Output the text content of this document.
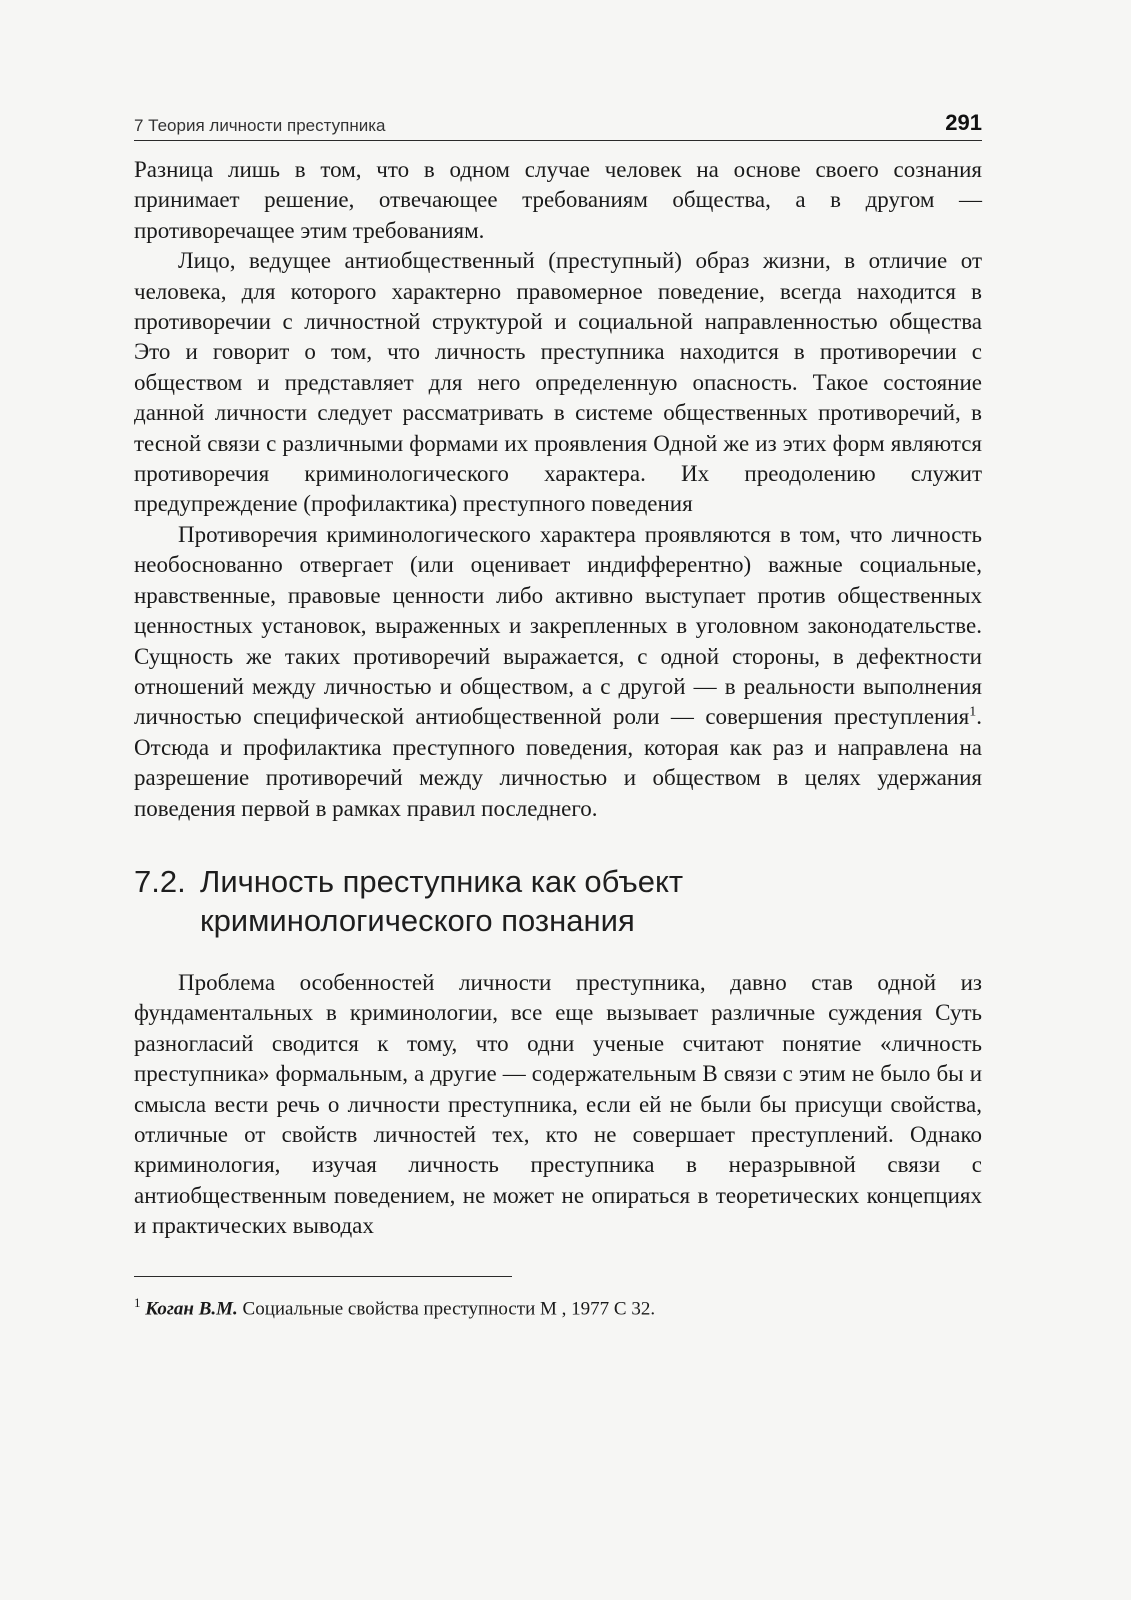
7 Теория личности преступника	291

Разница лишь в том, что в одном случае человек на основе своего сознания принимает решение, отвечающее требованиям общества, а в другом — противоречащее этим требованиям.

Лицо, ведущее антиобщественный (преступный) образ жизни, в отличие от человека, для которого характерно правомерное поведение, всегда находится в противоречии с личностной структурой и социальной направленностью общества Это и говорит о том, что личность преступника находится в противоречии с обществом и представляет для него определенную опасность. Такое состояние данной личности следует рассматривать в системе общественных противоречий, в тесной связи с различными формами их проявления Одной же из этих форм являются противоречия криминологического характера. Их преодолению служит предупреждение (профилактика) преступного поведения

Противоречия криминологического характера проявляются в том, что личность необоснованно отвергает (или оценивает индифферентно) важные социальные, нравственные, правовые ценности либо активно выступает против общественных ценностных установок, выраженных и закрепленных в уголовном законодательстве. Сущность же таких противоречий выражается, с одной стороны, в дефектности отношений между личностью и обществом, а с другой — в реальности выполнения личностью специфической антиобщественной роли — совершения преступления$^1$. Отсюда и профилактика преступного поведения, которая как раз и направлена на разрешение противоречий между личностью и обществом в целях удержания поведения первой в рамках правил последнего.

7.2. Личность преступника как объект
криминологического познания

Проблема особенностей личности преступника, давно став одной из фундаментальных в криминологии, все еще вызывает различные суждения Суть разногласий сводится к тому, что одни ученые считают понятие «личность преступника» формальным, а другие — содержательным В связи с этим не было бы и смысла вести речь о личности преступника, если ей не были бы присущи свойства, отличные от свойств личностей тех, кто не совершает преступлений. Однако криминология, изучая личность преступника в неразрывной связи с антиобщественным поведением, не может не опираться в теоретических концепциях и практических выводах

$^1$ Коган В.М. Социальные свойства преступности М , 1977 С 32.
